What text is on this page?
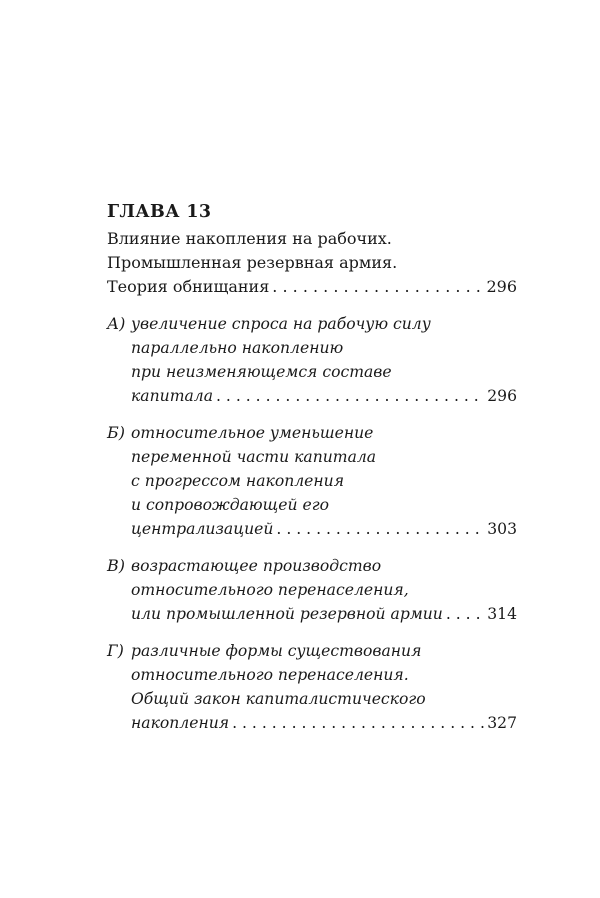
ГЛАВА 13
Влияние накопления на рабочих.
Промышленная резервная армия.
Теория обнищания . . .	296
А) увеличение спроса на рабочую силу
параллельно накоплению
при неизменяющемся составе
капитала . . .	296
Б) относительное уменьшение
переменной части капитала
с прогрессом накопления
и сопровождающей его
централизацией . . .	303
В) возрастающее производство
относительного перенаселения,
или промышленной резервной армии . . .	314
Г) различные формы существования
относительного перенаселения.
Общий закон капиталистического
накопления . . .	327
